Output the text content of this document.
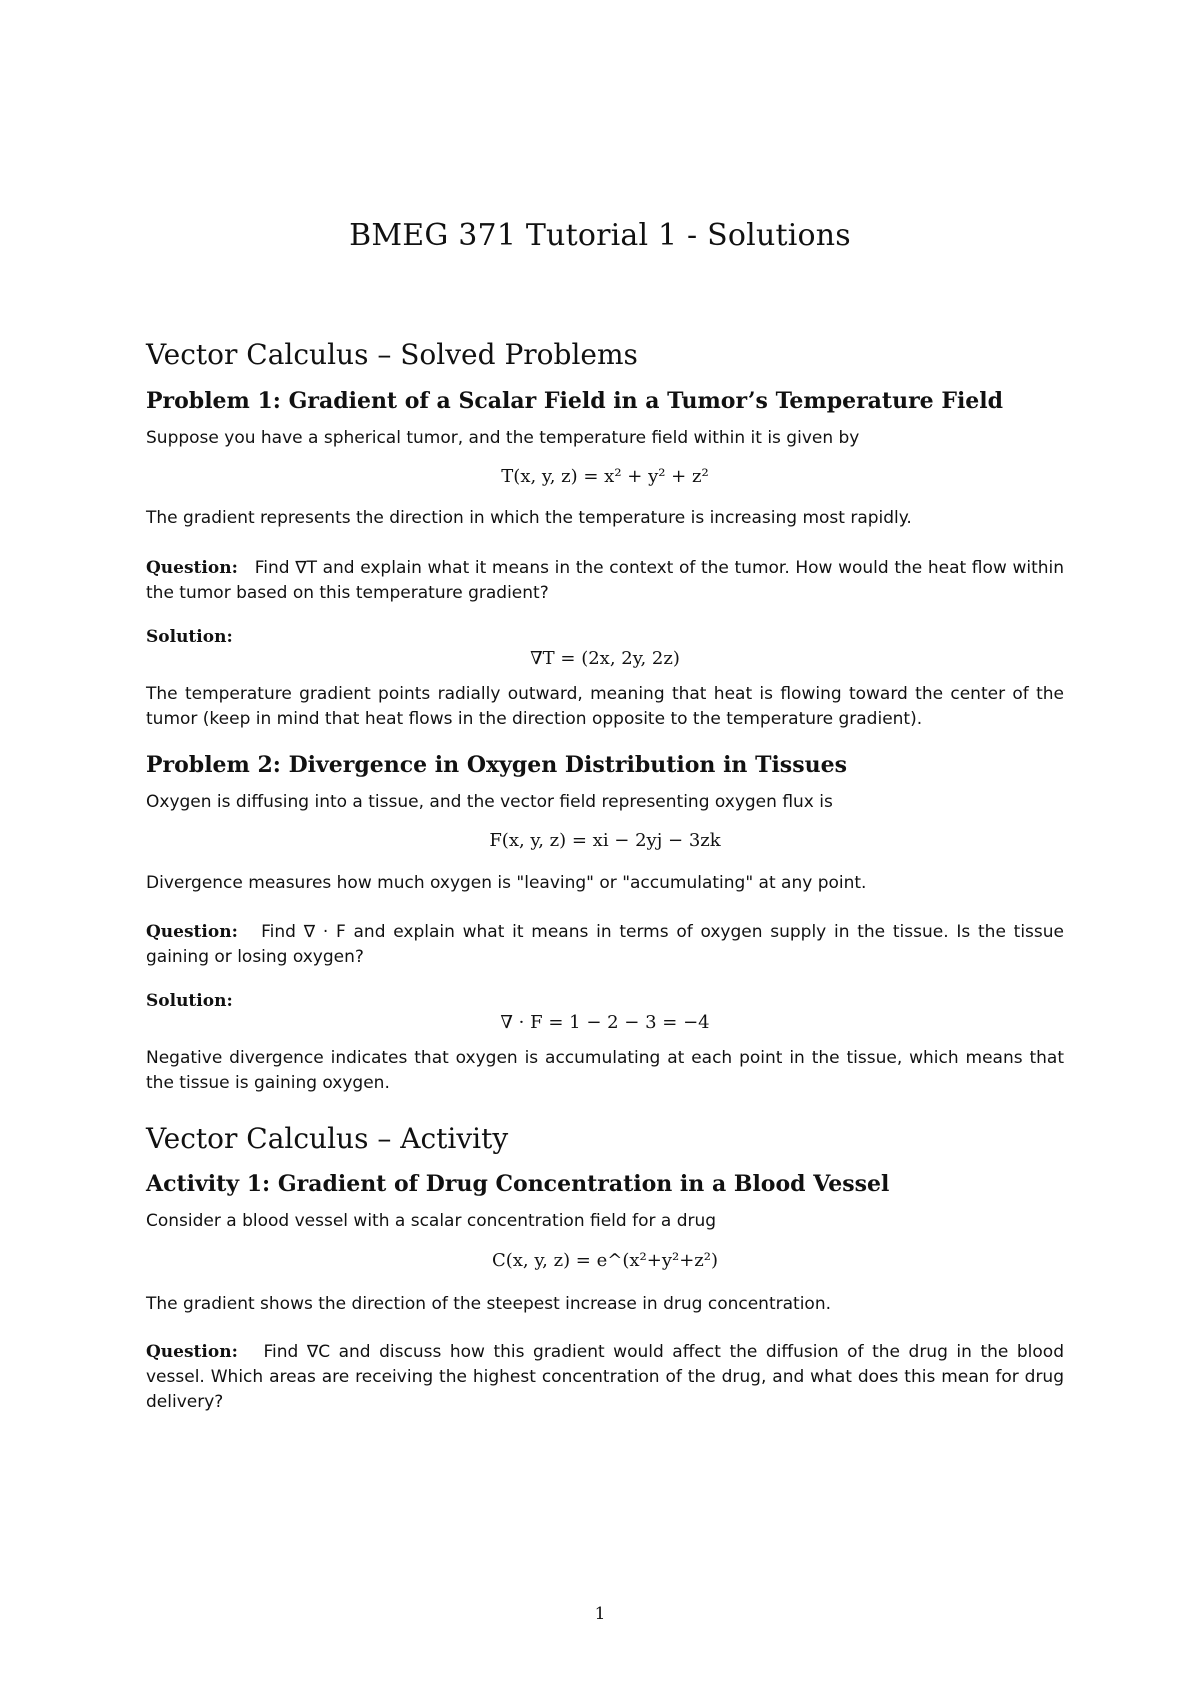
BMEG 371 Tutorial 1 - Solutions
Vector Calculus – Solved Problems
Problem 1: Gradient of a Scalar Field in a Tumor’s Temperature Field

Suppose you have a spherical tumor, and the temperature field within it is given by

T(x, y, z) = x² + y² + z²

The gradient represents the direction in which the temperature is increasing most rapidly.

Question: Find ∇T and explain what it means in the context of the tumor. How would the heat flow within the tumor based on this temperature gradient?

Solution:

∇T = (2x, 2y, 2z)

The temperature gradient points radially outward, meaning that heat is flowing toward the center of the tumor (keep in mind that heat flows in the direction opposite to the temperature gradient).

Problem 2: Divergence in Oxygen Distribution in Tissues

Oxygen is diffusing into a tissue, and the vector field representing oxygen flux is

F(x, y, z) = xi − 2yj − 3zk

Divergence measures how much oxygen is "leaving" or "accumulating" at any point.

Question: Find ∇ · F and explain what it means in terms of oxygen supply in the tissue. Is the tissue gaining or losing oxygen?

Solution:

∇ · F = 1 − 2 − 3 = −4

Negative divergence indicates that oxygen is accumulating at each point in the tissue, which means that the tissue is gaining oxygen.

Vector Calculus – Activity
Activity 1: Gradient of Drug Concentration in a Blood Vessel

Consider a blood vessel with a scalar concentration field for a drug

C(x, y, z) = e^(x²+y²+z²)

The gradient shows the direction of the steepest increase in drug concentration.

Question: Find ∇C and discuss how this gradient would affect the diffusion of the drug in the blood vessel. Which areas are receiving the highest concentration of the drug, and what does this mean for drug delivery?

1
